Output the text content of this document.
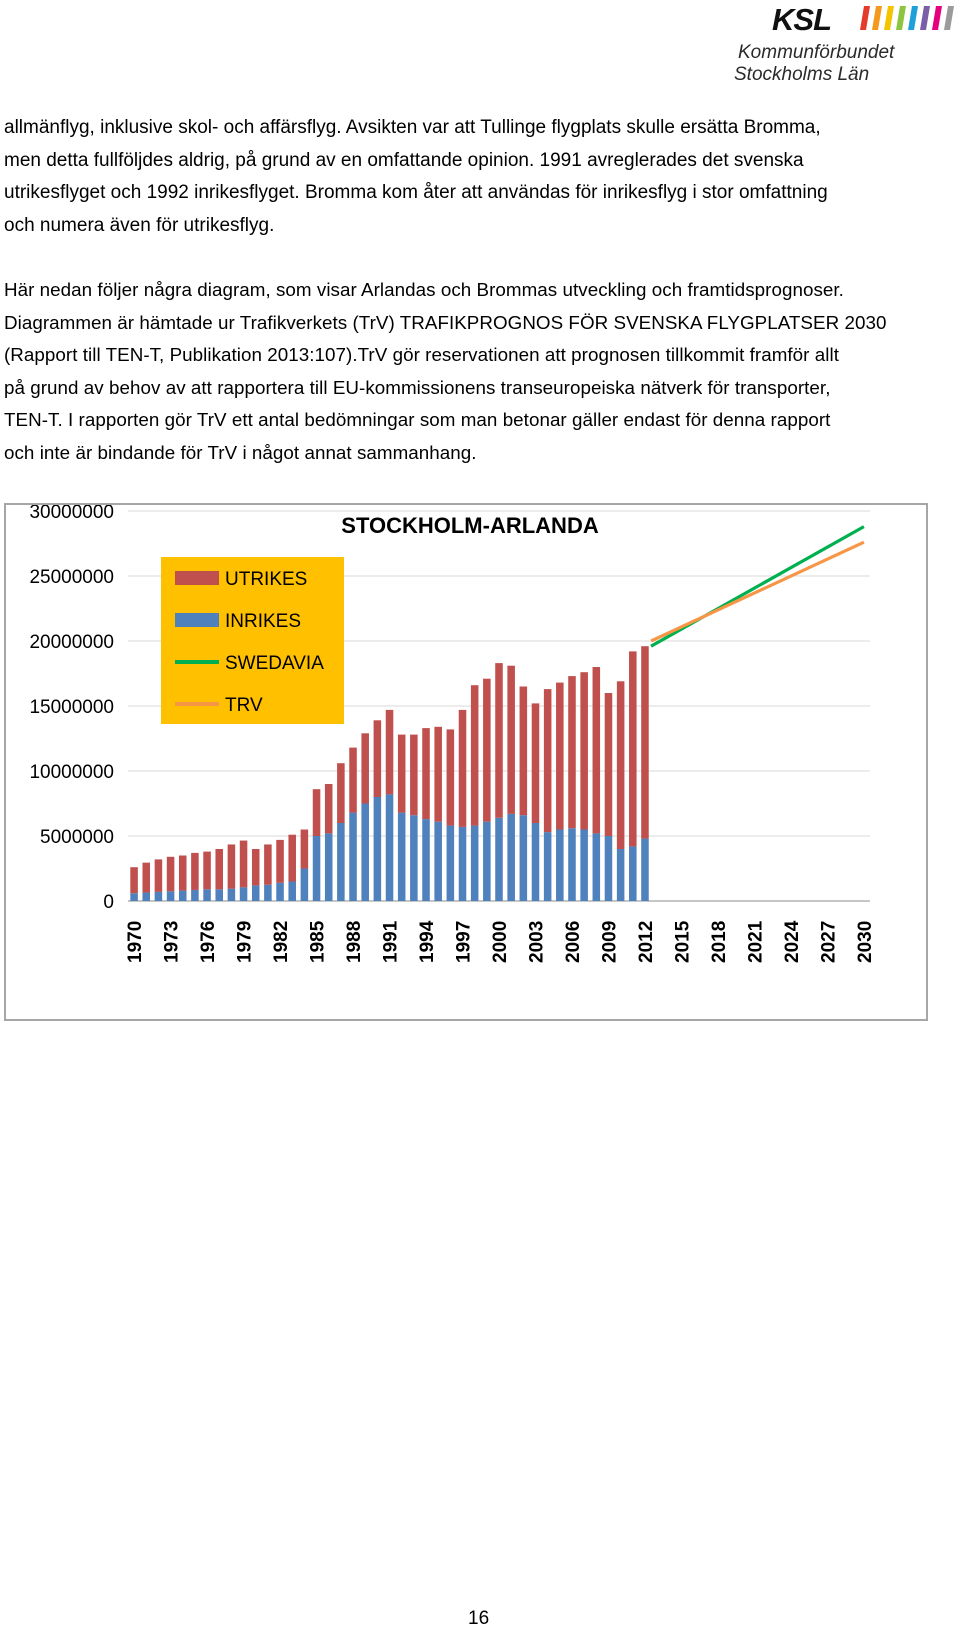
KSL
Kommunförbundet
Stockholms Län
allmänflyg, inklusive skol- och affärsflyg. Avsikten var att Tullinge flygplats skulle ersätta Bromma,
men detta fullföljdes aldrig, på grund av en omfattande opinion. 1991 avreglerades det svenska
utrikesflyget och 1992 inrikesflyget. Bromma kom åter att användas för inrikesflyg i stor omfattning
och numera även för utrikesflyg.
Här nedan följer några diagram, som visar Arlandas och Brommas utveckling och framtidsprognoser.
Diagrammen är hämtade ur Trafikverkets (TrV) TRAFIKPROGNOS FÖR SVENSKA FLYGPLATSER 2030
(Rapport till TEN-T, Publikation 2013:107).TrV gör reservationen att prognosen tillkommit framför allt
på grund av behov av att rapportera till EU-kommissionens transeuropeiska nätverk för transporter,
TEN-T. I rapporten gör TrV ett antal bedömningar som man betonar gäller endast för denna rapport
och inte är bindande för TrV i något annat sammanhang.
0
5000000
10000000
15000000
20000000
25000000
30000000
1970 1973 1976 1979 1982 1985 1988 1991 1994 1997 2000 2003 2006 2009 2012 2015 2018 2021 2024 2027 2030
STOCKHOLM-ARLANDA
UTRIKES
INRIKES
SWEDAVIA
TRV
16
